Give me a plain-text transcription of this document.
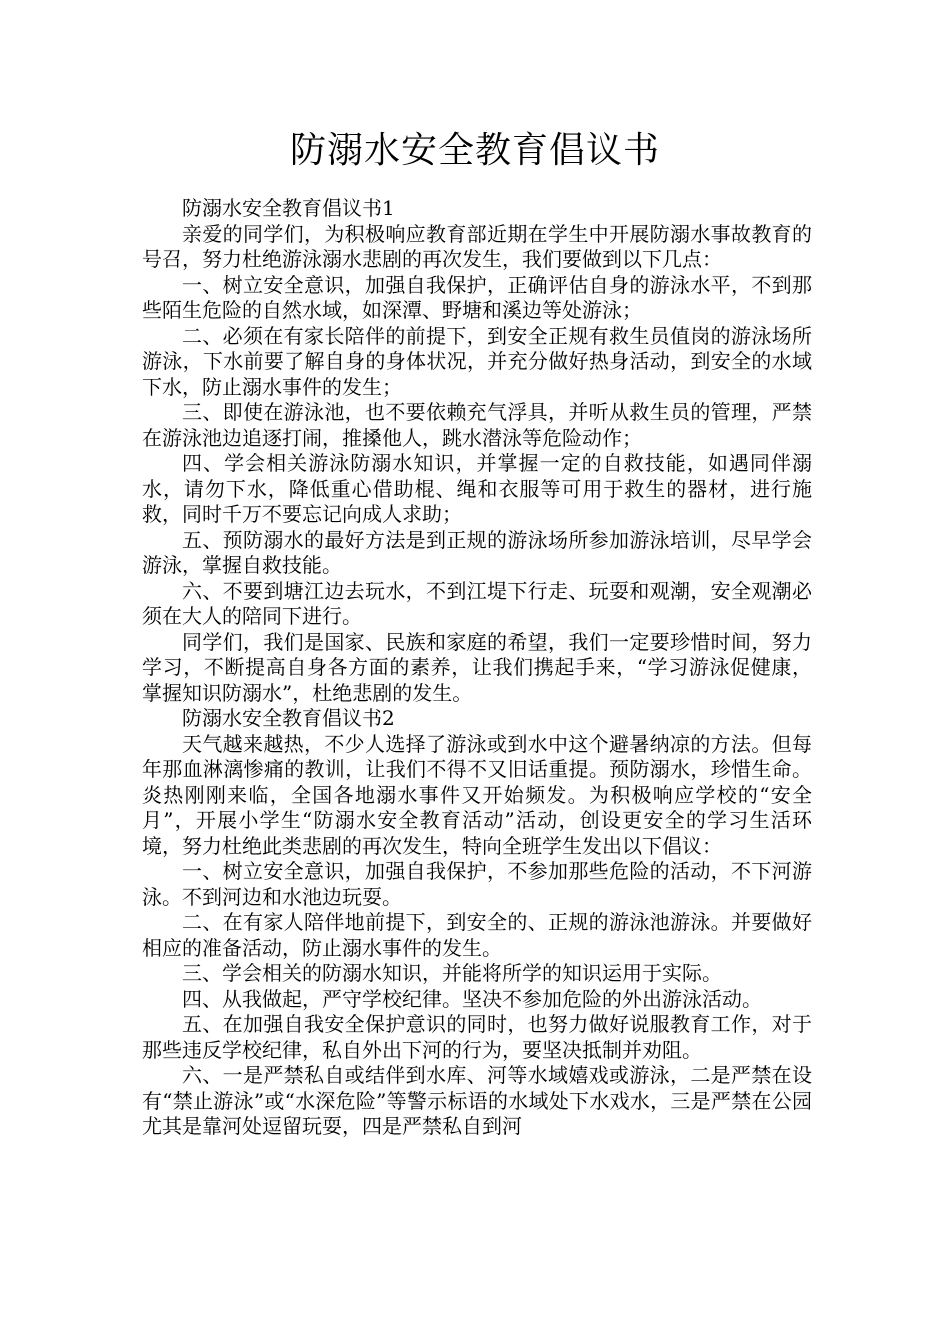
防溺水安全教育倡议书

防溺水安全教育倡议书1

亲爱的同学们，为积极响应教育部近期在学生中开展防溺水事故教育的号召，努力杜绝游泳溺水悲剧的再次发生，我们要做到以下几点：

一、树立安全意识，加强自我保护，正确评估自身的游泳水平，不到那些陌生危险的自然水域，如深潭、野塘和溪边等处游泳；

二、必须在有家长陪伴的前提下，到安全正规有救生员值岗的游泳场所游泳，下水前要了解自身的身体状况，并充分做好热身活动，到安全的水域下水，防止溺水事件的发生；

三、即使在游泳池，也不要依赖充气浮具，并听从救生员的管理，严禁在游泳池边追逐打闹，推搡他人，跳水潜泳等危险动作；

四、学会相关游泳防溺水知识，并掌握一定的自救技能，如遇同伴溺水，请勿下水，降低重心借助棍、绳和衣服等可用于救生的器材，进行施救，同时千万不要忘记向成人求助；

五、预防溺水的最好方法是到正规的游泳场所参加游泳培训，尽早学会游泳，掌握自救技能。

六、不要到塘江边去玩水，不到江堤下行走、玩耍和观潮，安全观潮必须在大人的陪同下进行。

同学们，我们是国家、民族和家庭的希望，我们一定要珍惜时间，努力学习，不断提高自身各方面的素养，让我们携起手来，“学习游泳促健康，掌握知识防溺水”，杜绝悲剧的发生。

防溺水安全教育倡议书2

天气越来越热，不少人选择了游泳或到水中这个避暑纳凉的方法。但每年那血淋漓惨痛的教训，让我们不得不又旧话重提。预防溺水，珍惜生命。炎热刚刚来临，全国各地溺水事件又开始频发。为积极响应学校的“安全月”，开展小学生“防溺水安全教育活动”活动，创设更安全的学习生活环境，努力杜绝此类悲剧的再次发生，特向全班学生发出以下倡议：

一、树立安全意识，加强自我保护，不参加那些危险的活动，不下河游泳。不到河边和水池边玩耍。

二、在有家人陪伴地前提下，到安全的、正规的游泳池游泳。并要做好相应的准备活动，防止溺水事件的发生。

三、学会相关的防溺水知识，并能将所学的知识运用于实际。

四、从我做起，严守学校纪律。坚决不参加危险的外出游泳活动。

五、在加强自我安全保护意识的同时，也努力做好说服教育工作，对于那些违反学校纪律，私自外出下河的行为，要坚决抵制并劝阻。

六、一是严禁私自或结伴到水库、河等水域嬉戏或游泳，二是严禁在设有“禁止游泳”或“水深危险”等警示标语的水域处下水戏水，三是严禁在公园尤其是靠河处逗留玩耍，四是严禁私自到河
